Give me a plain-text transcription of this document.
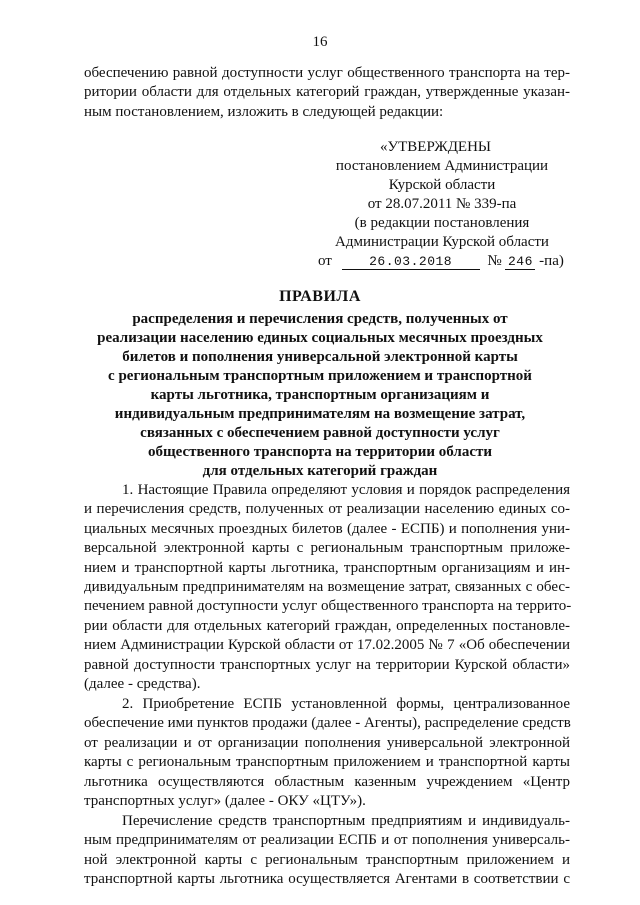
16
обеспечению равной доступности услуг общественного транспорта на тер-
ритории области для отдельных категорий граждан, утвержденные указан-
ным постановлением, изложить в следующей редакции:
«УТВЕРЖДЕНЫ
постановлением Администрации
Курской области
от 28.07.2011 № 339-па
(в редакции постановления
Администрации Курской области
от	26.03.2018 № 246 -па)
ПРАВИЛА
распределения и перечисления средств, полученных от
реализации населению единых социальных месячных проездных
билетов и пополнения универсальной электронной карты
с региональным транспортным приложением и транспортной
карты льготника, транспортным организациям и
индивидуальным предпринимателям на возмещение затрат,
связанных с обеспечением равной доступности услуг
общественного транспорта на территории области
для отдельных категорий граждан
1. Настоящие Правила определяют условия и порядок распределения
и перечисления средств, полученных от реализации населению единых со-
циальных месячных проездных билетов (далее - ЕСПБ) и пополнения уни-
версальной электронной карты с региональным транспортным приложе-
нием и транспортной карты льготника, транспортным организациям и ин-
дивидуальным предпринимателям на возмещение затрат, связанных с обес-
печением равной доступности услуг общественного транспорта на террито-
рии области для отдельных категорий граждан, определенных постановле-
нием Администрации Курской области от 17.02.2005 № 7 «Об обеспечении
равной доступности транспортных услуг на территории Курской области»
(далее - средства).
2. Приобретение ЕСПБ установленной формы, централизованное
обеспечение ими пунктов продажи (далее - Агенты), распределение средств
от реализации и от организации пополнения универсальной электронной
карты с региональным транспортным приложением и транспортной карты
льготника осуществляются областным казенным учреждением «Центр
транспортных услуг» (далее - ОКУ «ЦТУ»).
Перечисление средств транспортным предприятиям и индивидуаль-
ным предпринимателям от реализации ЕСПБ и от пополнения универсаль-
ной электронной карты с региональным транспортным приложением и
транспортной карты льготника осуществляется Агентами в соответствии с
